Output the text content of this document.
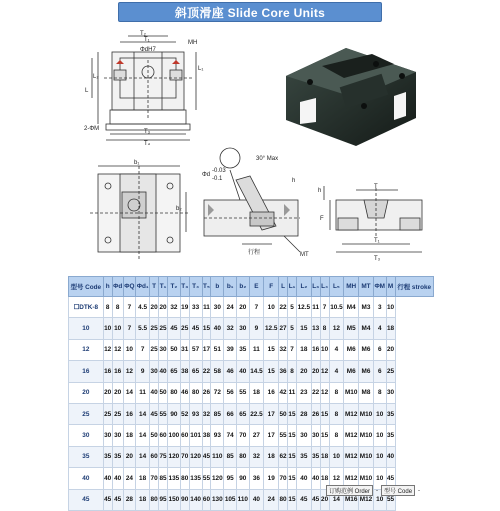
斜顶滑座 Slide Core Units
T₂
T₁	MH
ΦdH7
L₁
L₂
L
T₃
T₄
2-ΦM
b₁
b₂
30° Max
Φd
-0.03
-0.1	h
MT
行程
T
h
F
T₁
T₃
型号 Code	h	Φd	ΦQ	Φd₁	T	T₁	T₂	T₃	T₄	T₅	b	b₁	b₂	E	F	L	L₁	L₂	L₃	L₄	L₅	MH	MT	ΦM	M	行程 stroke
☐DTK-8	8	8	7	4.5	20	20	32	19	33	11	30	24	20	7	10	22	5	12.5	11	7	10.5	M4	M3	3	10	
10	10	10	7	5.5	25	25	45	25	45	15	40	32	30	9	12.5	27	5	15	13	8	12	M5	M4	4	18	
12	12	12	10	7	25	30	50	31	57	17	51	39	35	11	15	32	7	18	16	10	4	M6	M6	6	20	
16	16	16	12	9	30	40	65	38	65	22	58	46	40	14.5	15	36	8	20	20	12	4	M6	M6	6	25	
20	20	20	14	11	40	50	80	46	80	26	72	56	55	18	16	42	11	23	22	12	8	M10	M8	8	30	
25	25	25	16	14	45	55	90	52	93	32	85	66	65	22.5	17	50	15	28	26	15	8	M12	M10	10	35	
30	30	30	18	14	50	60	100	60	101	38	93	74	70	27	17	55	15	30	30	15	8	M12	M10	10	35	
35	35	35	20	14	60	75	120	70	120	45	110	85	80	32	18	62	15	35	35	18	10	M12	M10	10	40	
40	40	40	24	18	70	85	135	80	135	55	120	95	90	36	19	70	15	40	40	18	12	M12	M10	10	45	
45	45	45	28	18	80	95	150	90	140	60	130	105	110	40	24	80	15	45	45	20	14	M16	M12	10	55	
订购范例 Order	-	型号 Code	-
